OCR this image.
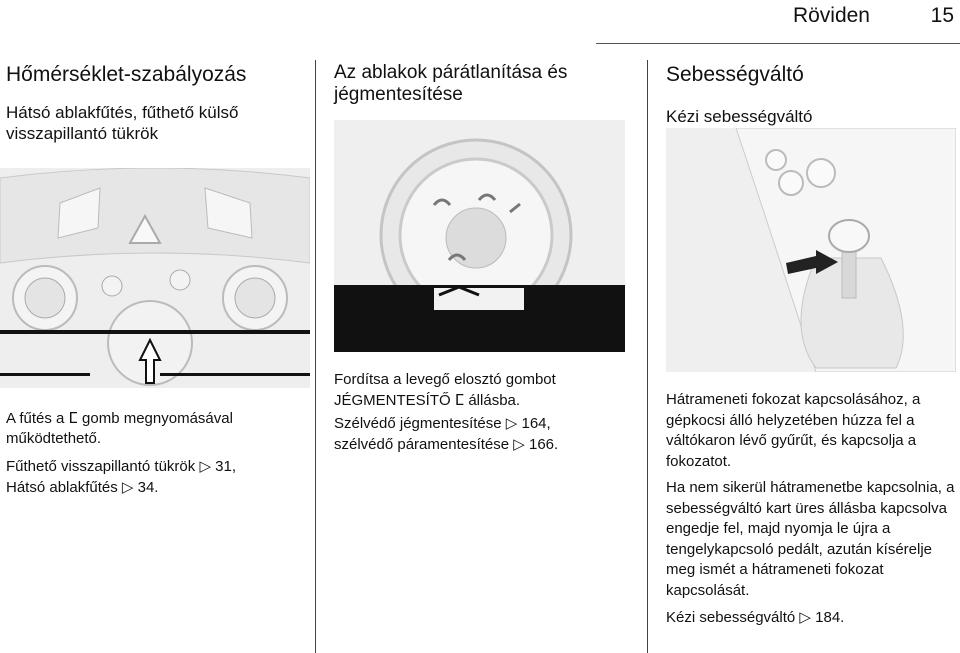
Röviden	15
Hőmérséklet-szabályozás
Hátsó ablakfűtés, fűthető külső visszapillantó tükrök

A fűtés a ⵎ gomb megnyomásával működtethető.

Fűthető visszapillantó tükrök ▷ 31,
Hátsó ablakfűtés ▷ 34.

Az ablakok párátlanítása és jégmentesítése

Fordítsa a levegő elosztó gombot JÉGMENTESÍTŐ ⵎ állásba.

Szélvédő jégmentesítése ▷ 164,
szélvédő páramentesítése ▷ 166.

Sebességváltó
Kézi sebességváltó

Hátrameneti fokozat kapcsolásához, a gépkocsi álló helyzetében húzza fel a váltókaron lévő gyűrűt, és kapcsolja a fokozatot.

Ha nem sikerül hátramenetbe kapcsolnia, a sebességváltó kart üres állásba kapcsolva engedje fel, majd nyomja le újra a tengelykapcsoló pedált, azután kísérelje meg ismét a hátrameneti fokozat kapcsolását.

Kézi sebességváltó ▷ 184.
